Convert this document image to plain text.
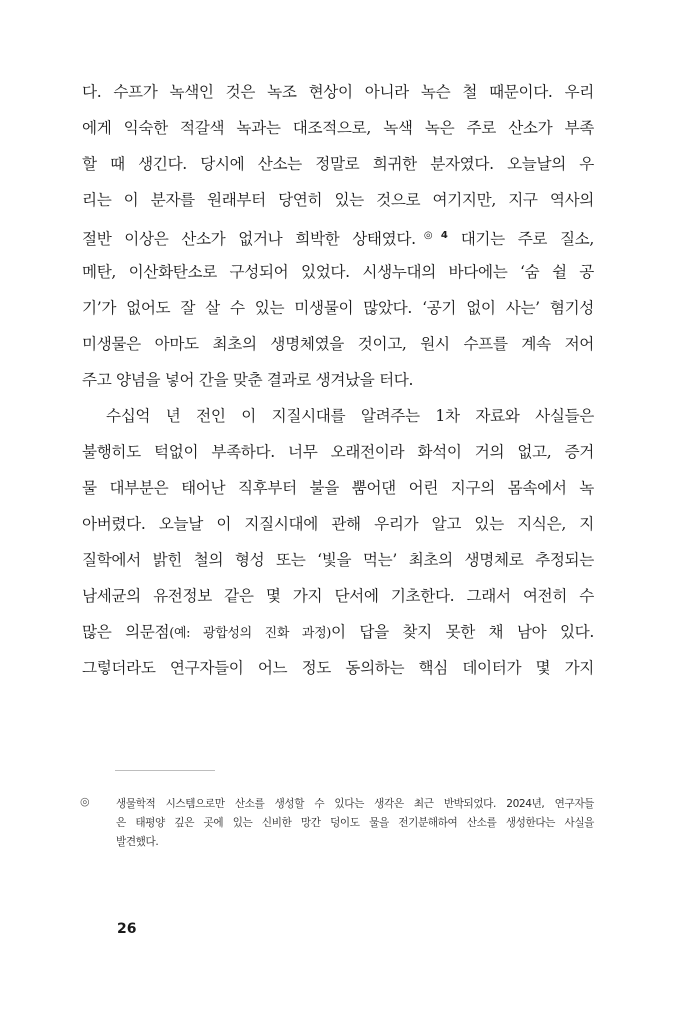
다. 수프가 녹색인 것은 녹조 현상이 아니라 녹슨 철 때문이다. 우리
에게 익숙한 적갈색 녹과는 대조적으로, 녹색 녹은 주로 산소가 부족
할 때 생긴다. 당시에 산소는 정말로 희귀한 분자였다. 오늘날의 우
리는 이 분자를 원래부터 당연히 있는 것으로 여기지만, 지구 역사의
절반 이상은 산소가 없거나 희박한 상태였다.$^{◎4}$ 대기는 주로 질소,
메탄, 이산화탄소로 구성되어 있었다. 시생누대의 바다에는 ‘숨 쉴 공
기’가 없어도 잘 살 수 있는 미생물이 많았다. ‘공기 없이 사는’ 혐기성
미생물은 아마도 최초의 생명체였을 것이고, 원시 수프를 계속 저어
주고 양념을 넣어 간을 맞춘 결과로 생겨났을 터다.
수십억 년 전인 이 지질시대를 알려주는 1차 자료와 사실들은
불행히도 턱없이 부족하다. 너무 오래전이라 화석이 거의 없고, 증거
물 대부분은 태어난 직후부터 불을 뿜어댄 어린 지구의 몸속에서 녹
아버렸다. 오늘날 이 지질시대에 관해 우리가 알고 있는 지식은, 지
질학에서 밝힌 철의 형성 또는 ‘빛을 먹는’ 최초의 생명체로 추정되는
남세균의 유전정보 같은 몇 가지 단서에 기초한다. 그래서 여전히 수
많은 의문점(예: 광합성의 진화 과정)이 답을 찾지 못한 채 남아 있다.
그렇더라도 연구자들이 어느 정도 동의하는 핵심 데이터가 몇 가지
◎	생물학적 시스템으로만 산소를 생성할 수 있다는 생각은 최근 반박되었다. 2024년, 연구자들
은 태평양 깊은 곳에 있는 신비한 망간 덩이도 물을 전기분해하여 산소를 생성한다는 사실을
발견했다.
26
